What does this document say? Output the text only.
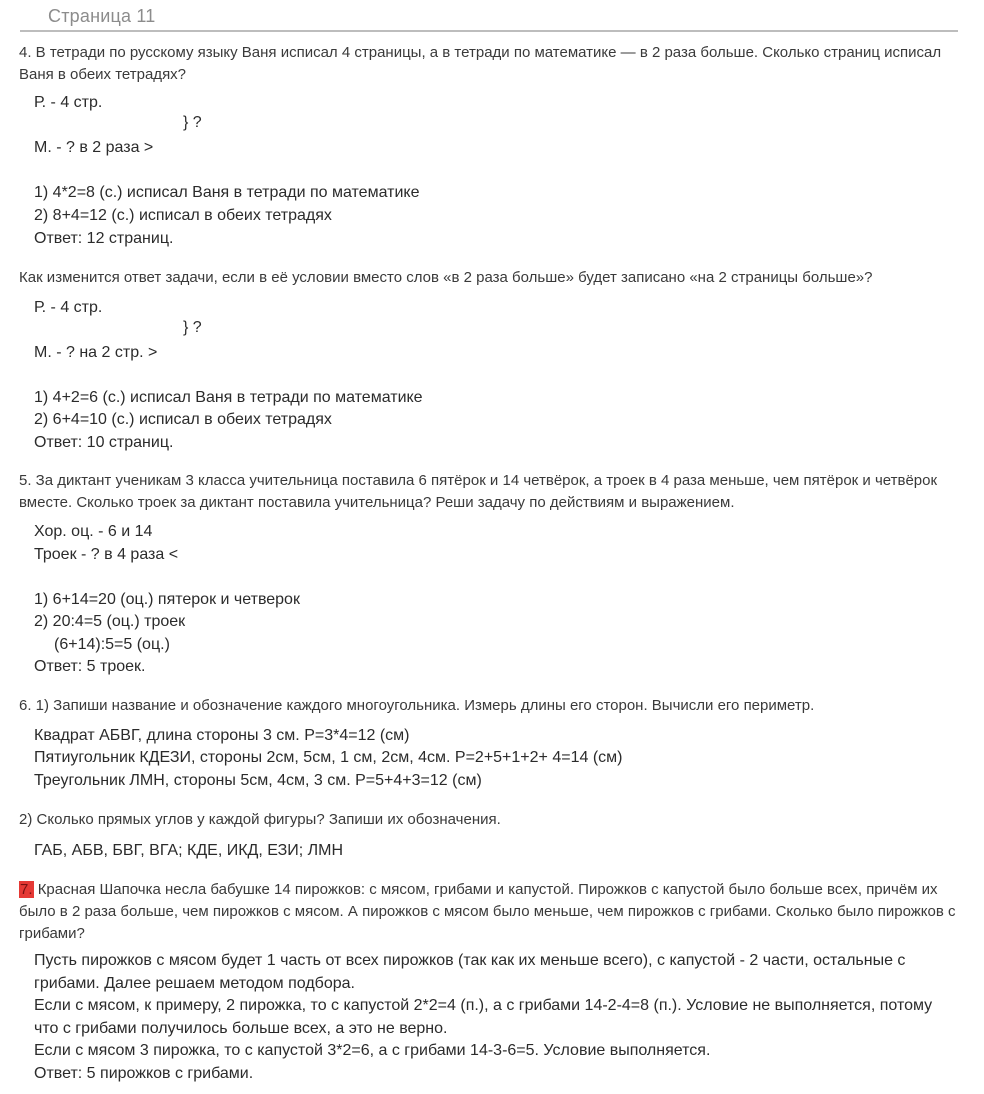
Страница 11
4. В тетради по русскому языку Ваня исписал 4 страницы, а в тетради по математике — в 2 раза больше. Сколько страниц исписал Ваня в обеих тетрадях?
Р. - 4 стр.
} ?
М. - ? в 2 раза >
1) 4*2=8 (с.) исписал Ваня в тетради по математике
2) 8+4=12 (с.) исписал в обеих тетрадях
Ответ: 12 страниц.
Как изменится ответ задачи, если в её условии вместо слов «в 2 раза больше» будет записано «на 2 страницы больше»?
Р. - 4 стр.
} ?
М. - ? на 2 стр. >
1) 4+2=6 (с.) исписал Ваня в тетради по математике
2) 6+4=10 (с.) исписал в обеих тетрадях
Ответ: 10 страниц.
5. За диктант ученикам 3 класса учительница поставила 6 пятёрок и 14 четвёрок, а троек в 4 раза меньше, чем пятёрок и четвёрок вместе. Сколько троек за диктант поставила учительница? Реши задачу по действиям и выражением.
Хор. оц. - 6 и 14
Троек - ? в 4 раза <
1) 6+14=20 (оц.) пятерок и четверок
2) 20:4=5 (оц.) троек
(6+14):5=5 (оц.)
Ответ: 5 троек.
6. 1) Запиши название и обозначение каждого многоугольника. Измерь длины его сторон. Вычисли его периметр.
Квадрат АБВГ, длина стороны 3 см. Р=3*4=12 (см)
Пятиугольник КДЕЗИ, стороны 2см, 5см, 1 см, 2см, 4см. Р=2+5+1+2+ 4=14 (см)
Треугольник ЛМН, стороны 5см, 4см, 3 см. Р=5+4+3=12 (см)
2) Сколько прямых углов у каждой фигуры? Запиши их обозначения.
ГАБ, АБВ, БВГ, ВГА; КДЕ, ИКД, ЕЗИ; ЛМН
7. Красная Шапочка несла бабушке 14 пирожков: с мясом, грибами и капустой. Пирожков с капустой было больше всех, причём их было в 2 раза больше, чем пирожков с мясом. А пирожков с мясом было меньше, чем пирожков с грибами. Сколько было пирожков с грибами?
Пусть пирожков с мясом будет 1 часть от всех пирожков (так как их меньше всего), с капустой - 2 части, остальные с грибами. Далее решаем методом подбора.
Если с мясом, к примеру, 2 пирожка, то с капустой 2*2=4 (п.), а с грибами 14-2-4=8 (п.). Условие не выполняется, потому что с грибами получилось больше всех, а это не верно.
Если с мясом 3 пирожка, то с капустой 3*2=6, а с грибами 14-3-6=5. Условие выполняется.
Ответ: 5 пирожков с грибами.
